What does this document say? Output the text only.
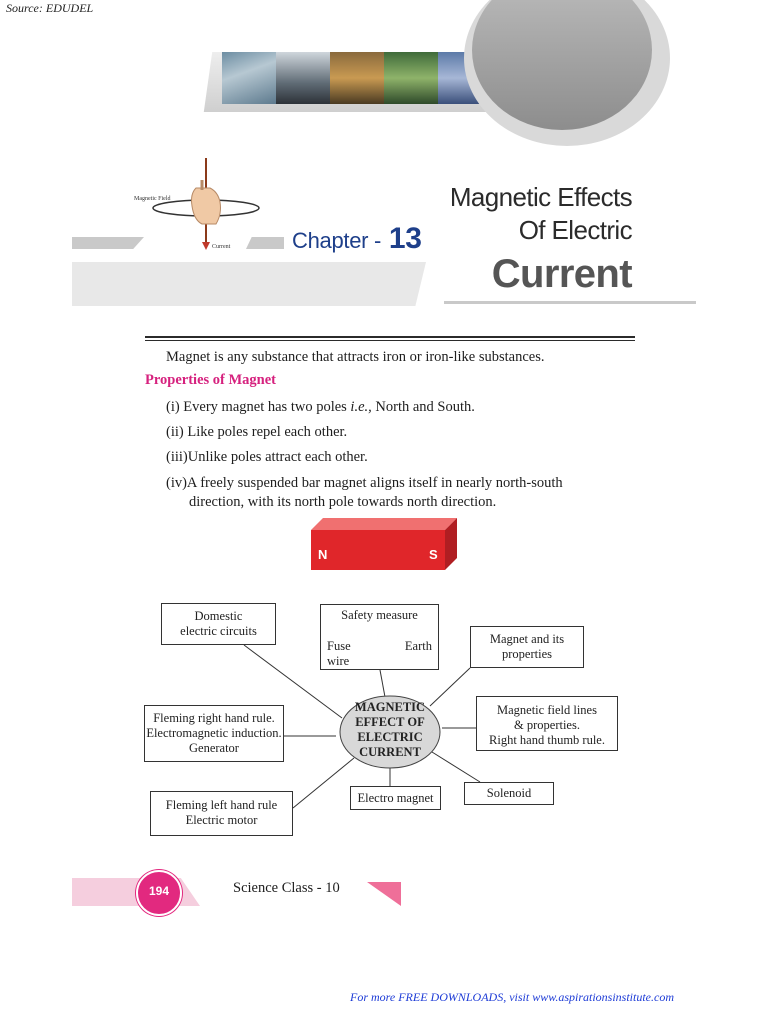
Source: EDUDEL
Magnetic Field
Current	Chapter - 13
Magnetic Effects
Of Electric
Current
Magnet is any substance that attracts iron or iron-like substances.
Properties of Magnet
(i) Every magnet has two poles i.e., North and South.
(ii) Like poles repel each other.
(iii)Unlike poles attract each other.
(iv)A freely suspended bar magnet aligns itself in nearly north-south
direction, with its north pole towards north direction.
N	S
MAGNETIC
EFFECT OF
ELECTRIC
CURRENT
Domestic
electric circuits
Safety measure
Fuse
wire
Earth	Magnet and its
properties
Magnetic field lines
& properties.
Right hand thumb rule.
Fleming right hand rule.
Electromagnetic induction.
Generator
Fleming left hand rule
Electric motor
Electro magnet	Solenoid
194	Science Class - 10
For more FREE DOWNLOADS, visit www.aspirationsinstitute.com
